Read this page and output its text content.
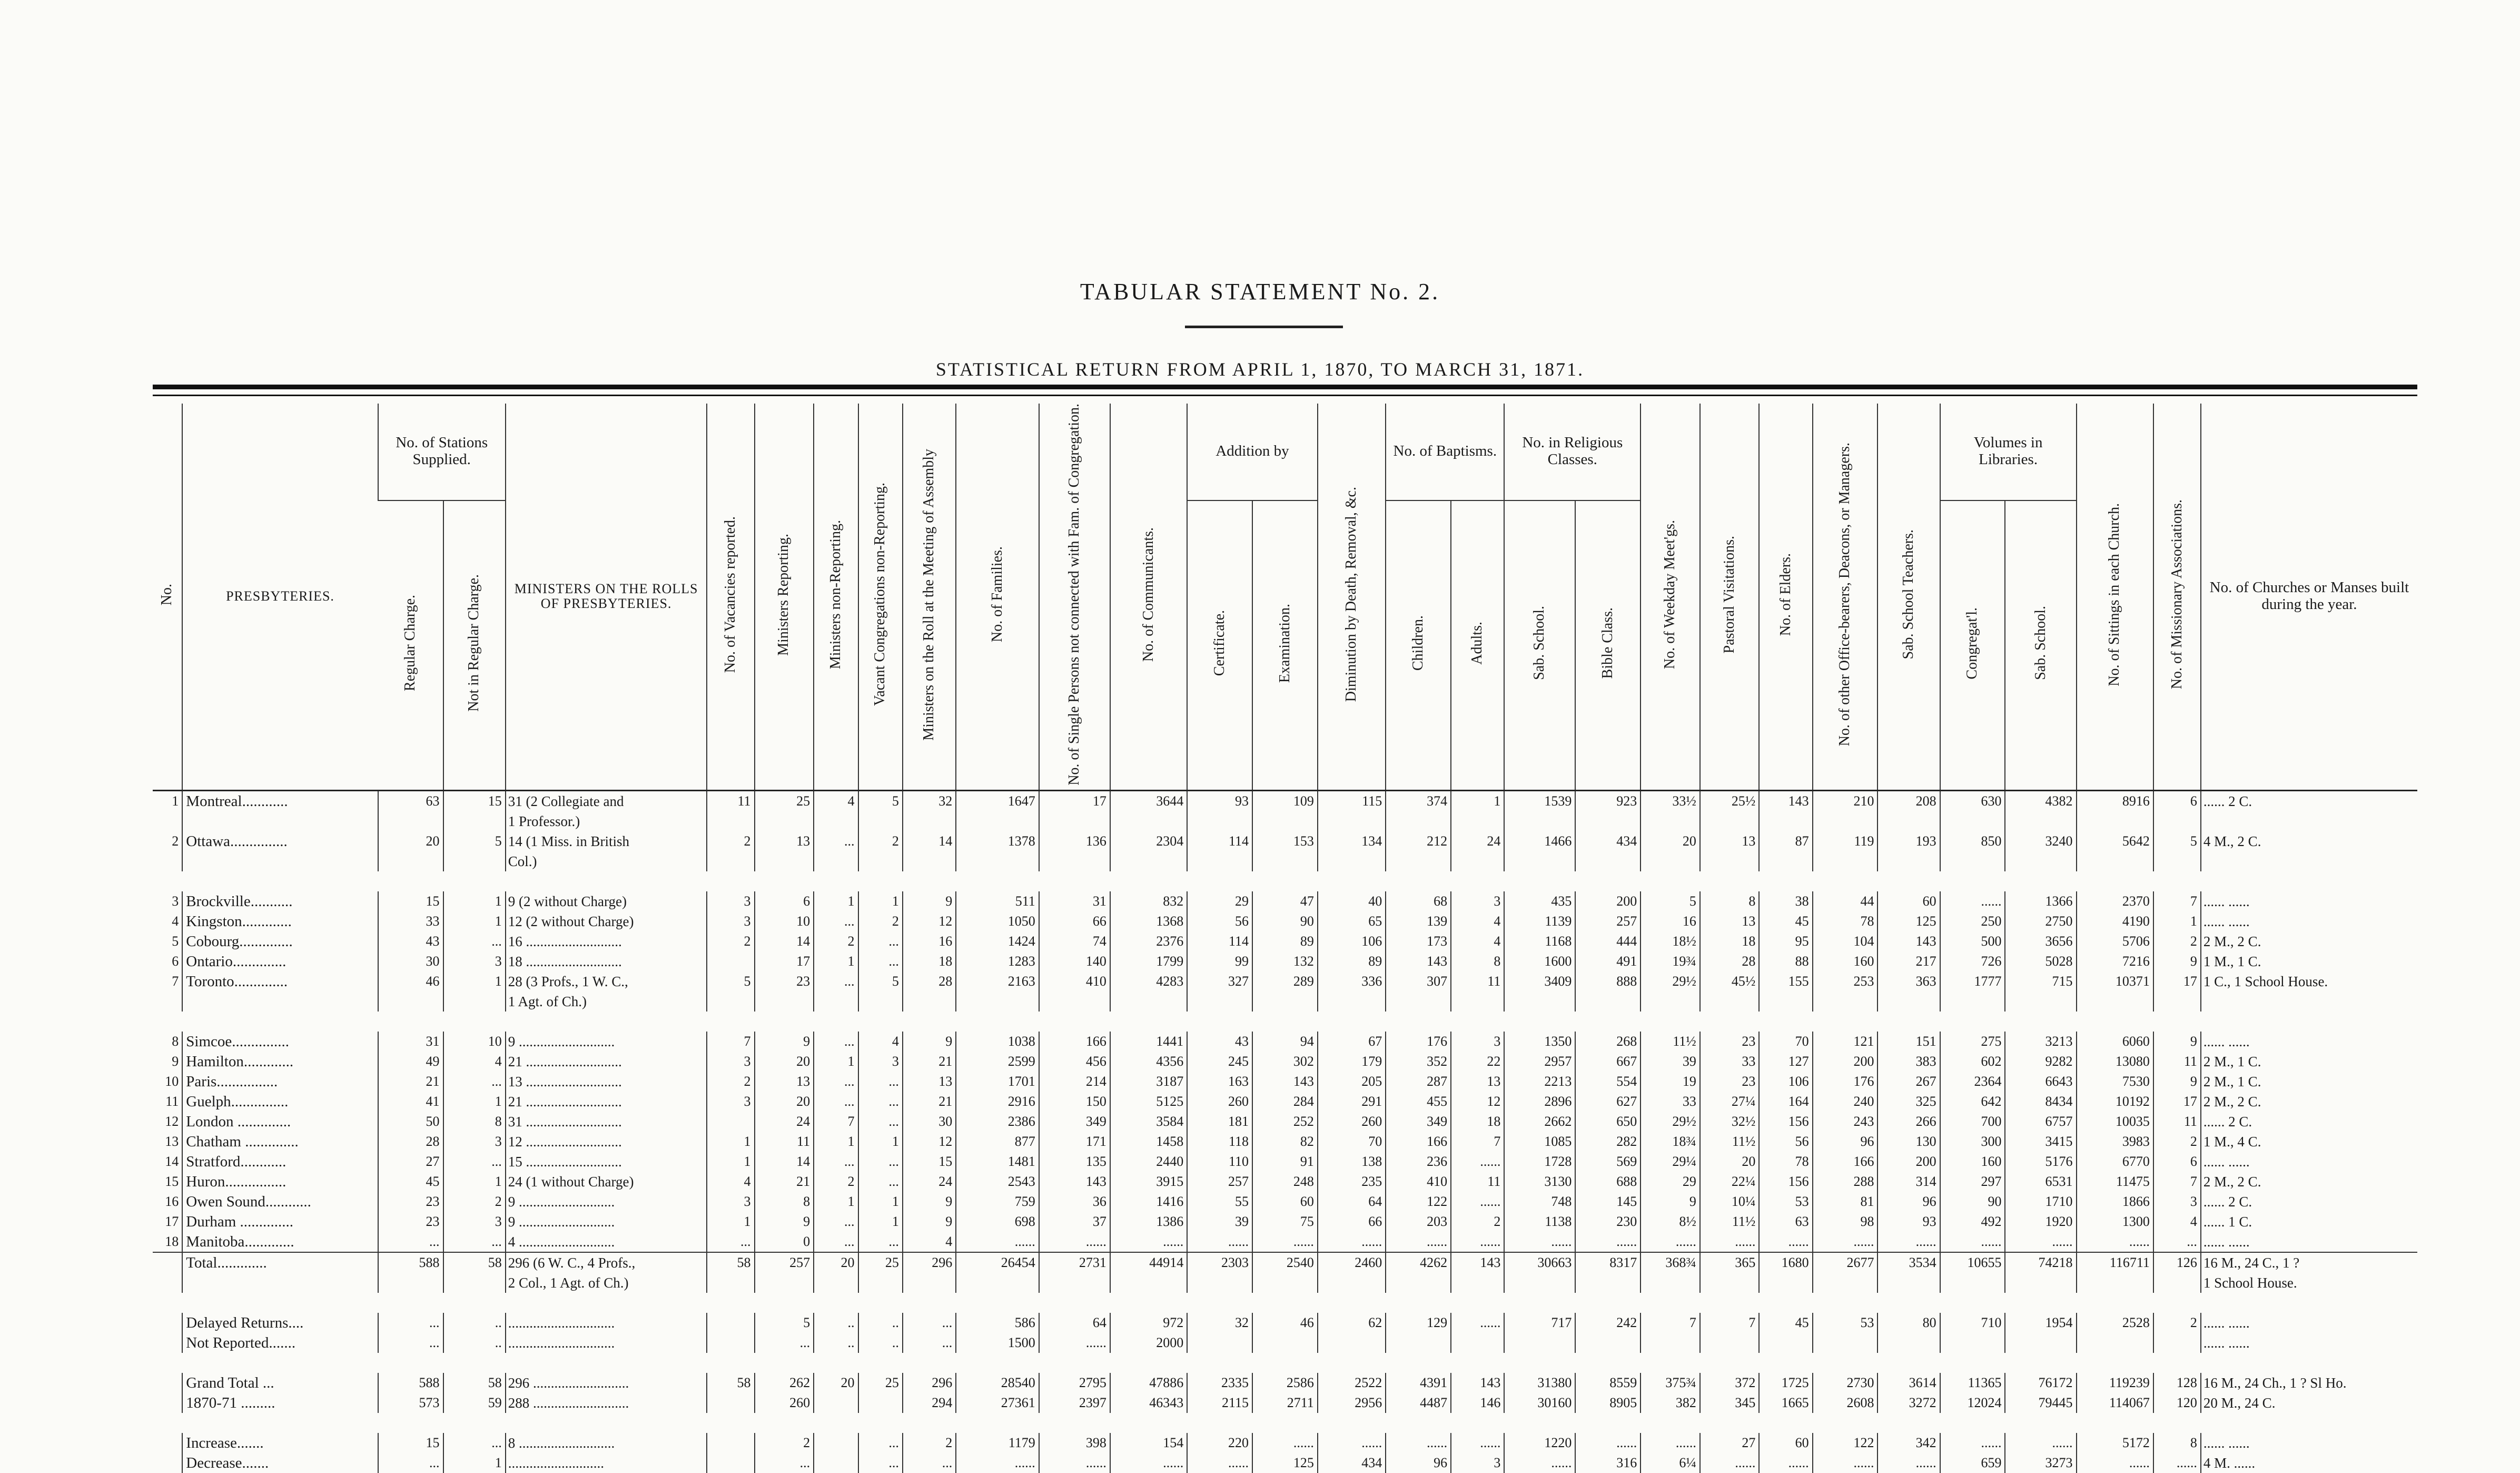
TABULAR STATEMENT No. 2.
STATISTICAL RETURN FROM APRIL 1, 1870, TO MARCH 31, 1871.
No.	PRESBYTERIES.	No. of Stations Supplied.		MINISTERS ON THE ROLLS OF PRESBYTERIES.	No. of Vacancies reported.	Ministers Reporting.	Ministers non-Reporting.	Vacant Congregations non-Reporting.	Ministers on the Roll at the Meeting of Assembly	No. of Families.	No. of Single Persons not connected with Fam. of Congregation.	No. of Communicants.	Addition by		Diminution by Death, Removal, &c.	No. of Baptisms.		No. in Religious Classes.		No. of Weekday Meet'gs.	Pastoral Visitations.	No. of Elders.	No. of other Office-bearers, Deacons, or Managers.	Sab. School Teachers.	Volumes in Libraries.		No. of Sittings in each Church.	No. of Missionary Associations.	No. of Churches or Manses built during the year.
		Regular Charge.	Not in Regular Charge.										Certificate.	Examination.		Children.	Adults.	Sab. School.	Bible Class.						Congregat'l.	Sab. School.			
1	Montreal............	63	15	31 (2 Collegiate and	11	25	4	5	32	1647	17	3644	93	109	115	374	1	1539	923	33½	25½	143	210	208	630	4382	8916	6	...... 2 C.
				1 Professor.)																									
2	Ottawa...............	20	5	14 (1 Miss. in British	2	13	...	2	14	1378	136	2304	114	153	134	212	24	1466	434	20	13	87	119	193	850	3240	5642	5	4 M., 2 C.
				Col.)																									

3	Brockville...........	15	1	9 (2 without Charge)	3	6	1	1	9	511	31	832	29	47	40	68	3	435	200	5	8	38	44	60	......	1366	2370	7	...... ......
4	Kingston.............	33	1	12 (2 without Charge)	3	10	...	2	12	1050	66	1368	56	90	65	139	4	1139	257	16	13	45	78	125	250	2750	4190	1	...... ......
5	Cobourg..............	43	...	16 ...........................	2	14	2	...	16	1424	74	2376	114	89	106	173	4	1168	444	18½	18	95	104	143	500	3656	5706	2	2 M., 2 C.
6	Ontario..............	30	3	18 ...........................		17	1	...	18	1283	140	1799	99	132	89	143	8	1600	491	19¾	28	88	160	217	726	5028	7216	9	1 M., 1 C.
7	Toronto..............	46	1	28 (3 Profs., 1 W. C.,	5	23	...	5	28	2163	410	4283	327	289	336	307	11	3409	888	29½	45½	155	253	363	1777	715	10371	17	1 C., 1 School House.
				1 Agt. of Ch.)																									

8	Simcoe...............	31	10	9 ...........................	7	9	...	4	9	1038	166	1441	43	94	67	176	3	1350	268	11½	23	70	121	151	275	3213	6060	9	...... ......
9	Hamilton.............	49	4	21 ...........................	3	20	1	3	21	2599	456	4356	245	302	179	352	22	2957	667	39	33	127	200	383	602	9282	13080	11	2 M., 1 C.
10	Paris................	21	...	13 ...........................	2	13	...	...	13	1701	214	3187	163	143	205	287	13	2213	554	19	23	106	176	267	2364	6643	7530	9	2 M., 1 C.
11	Guelph...............	41	1	21 ...........................	3	20	...	...	21	2916	150	5125	260	284	291	455	12	2896	627	33	27¼	164	240	325	642	8434	10192	17	2 M., 2 C.
12	London ..............	50	8	31 ...........................		24	7	...	30	2386	349	3584	181	252	260	349	18	2662	650	29½	32½	156	243	266	700	6757	10035	11	...... 2 C.
13	Chatham ..............	28	3	12 ...........................	1	11	1	1	12	877	171	1458	118	82	70	166	7	1085	282	18¾	11½	56	96	130	300	3415	3983	2	1 M., 4 C.
14	Stratford............	27	...	15 ...........................	1	14	...	...	15	1481	135	2440	110	91	138	236	......	1728	569	29¼	20	78	166	200	160	5176	6770	6	...... ......
15	Huron................	45	1	24 (1 without Charge)	4	21	2	...	24	2543	143	3915	257	248	235	410	11	3130	688	29	22¼	156	288	314	297	6531	11475	7	2 M., 2 C.
16	Owen Sound............	23	2	9 ...........................	3	8	1	1	9	759	36	1416	55	60	64	122	......	748	145	9	10¼	53	81	96	90	1710	1866	3	...... 2 C.
17	Durham ..............	23	3	9 ...........................	1	9	...	1	9	698	37	1386	39	75	66	203	2	1138	230	8½	11½	63	98	93	492	1920	1300	4	...... 1 C.
18	Manitoba.............	...	...	4 ...........................	...	0	...	...	4	......	......	......	......	......	......	......	......	......	......	......	......	......	......	......	......	......	......	...	...... ......
	Total.............	588	58	296 (6 W. C., 4 Profs.,	58	257	20	25	296	26454	2731	44914	2303	2540	2460	4262	143	30663	8317	368¾	365	1680	2677	3534	10655	74218	116711	126	16 M., 24 C., 1 ?
				2 Col., 1 Agt. of Ch.)																									1 School House.

	Delayed Returns....	...	..	..............................		5	..	..	...	586	64	972	32	46	62	129	......	717	242	7	7	45	53	80	710	1954	2528	2	...... ......
	Not Reported.......	...	..	..............................		...	..	..	...	1500	......	2000																	...... ......

	Grand Total ...	588	58	296 ...........................	58	262	20	25	296	28540	2795	47886	2335	2586	2522	4391	143	31380	8559	375¾	372	1725	2730	3614	11365	76172	119239	128	16 M., 24 Ch., 1 ? Sl Ho.
	1870-71 .........	573	59	288 ...........................		260			294	27361	2397	46343	2115	2711	2956	4487	146	30160	8905	382	345	1665	2608	3272	12024	79445	114067	120	20 M., 24 C.

	Increase.......	15	...	8 ...........................		2		...	2	1179	398	154	220	......	......	......	......	1220	......	......	27	60	122	342	......	......	5172	8	...... ......
	Decrease.......	...	1	...........................		...		...	...	......	......	......	......	125	434	96	3	......	316	6¼	......	......	......	......	659	3273	......	......	4 M. ......
